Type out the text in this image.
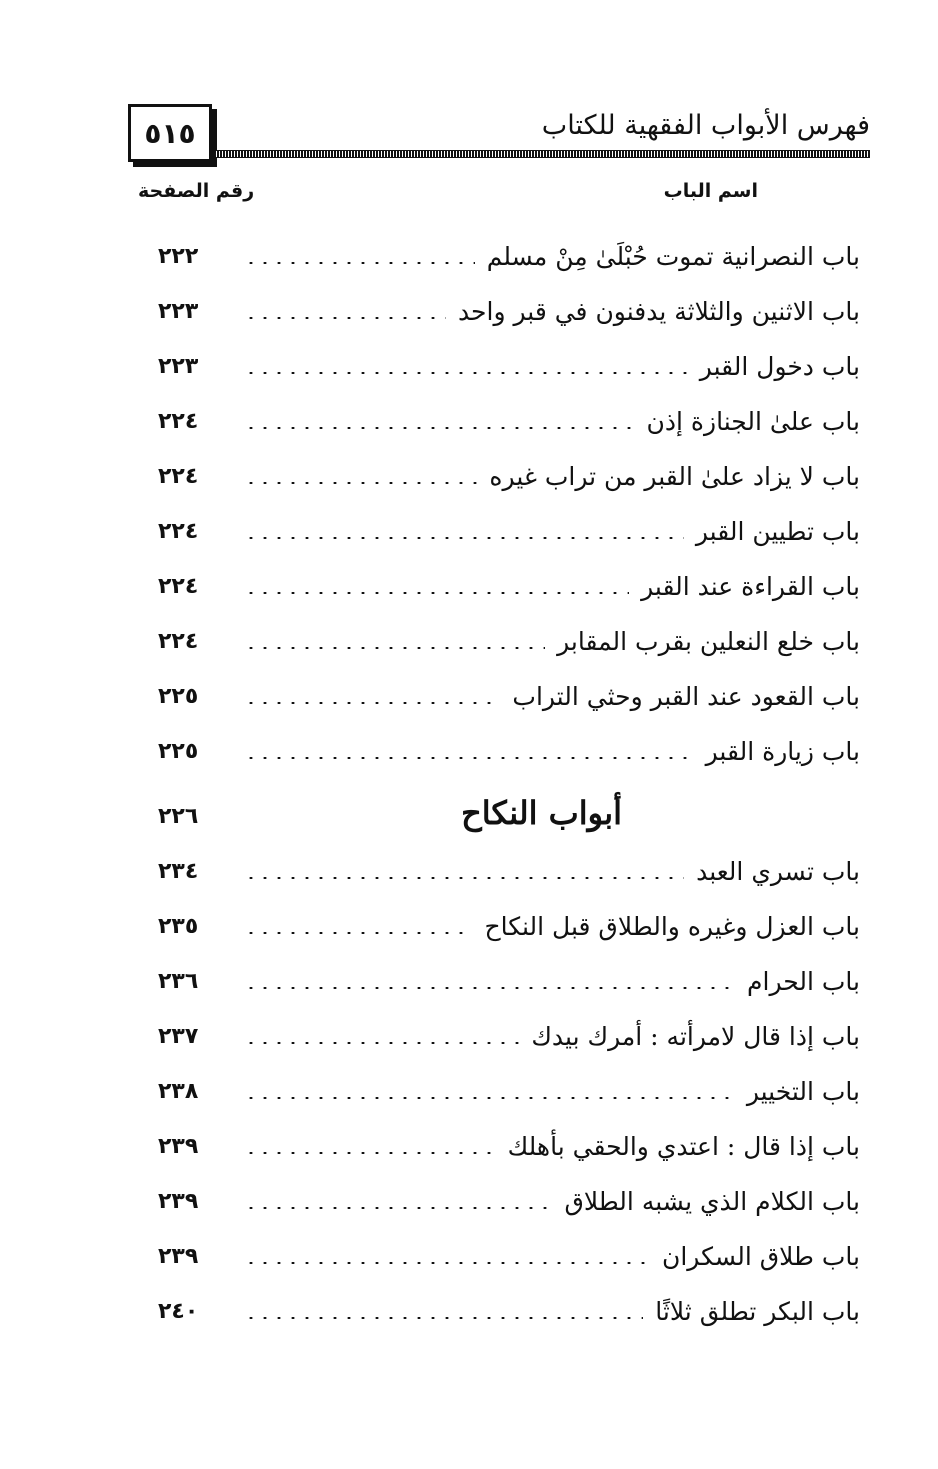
٥١٥	فهرس الأبواب الفقهية للكتاب
اسم الباب
رقم الصفحة
باب النصرانية تموت حُبْلَىٰ مِنْ مسلم
٢٢٢
باب الاثنين والثلاثة يدفنون في قبر واحد
٢٢٣
باب دخول القبر
٢٢٣
باب علىٰ الجنازة إذن
٢٢٤
باب لا يزاد علىٰ القبر من تراب غيره
٢٢٤
باب تطيين القبر
٢٢٤
باب القراءة عند القبر
٢٢٤
باب خلع النعلين بقرب المقابر
٢٢٤
باب القعود عند القبر وحثي التراب
٢٢٥
باب زيارة القبر
٢٢٥
أبواب النكاح
٢٢٦
باب تسري العبد
٢٣٤
باب العزل وغيره والطلاق قبل النكاح
٢٣٥
باب الحرام
٢٣٦
باب إذا قال لامرأته : أمرك بيدك
٢٣٧
باب التخيير
٢٣٨
باب إذا قال : اعتدي والحقي بأهلك
٢٣٩
باب الكلام الذي يشبه الطلاق
٢٣٩
باب طلاق السكران
٢٣٩
باب البكر تطلق ثلاثًا
٢٤٠
